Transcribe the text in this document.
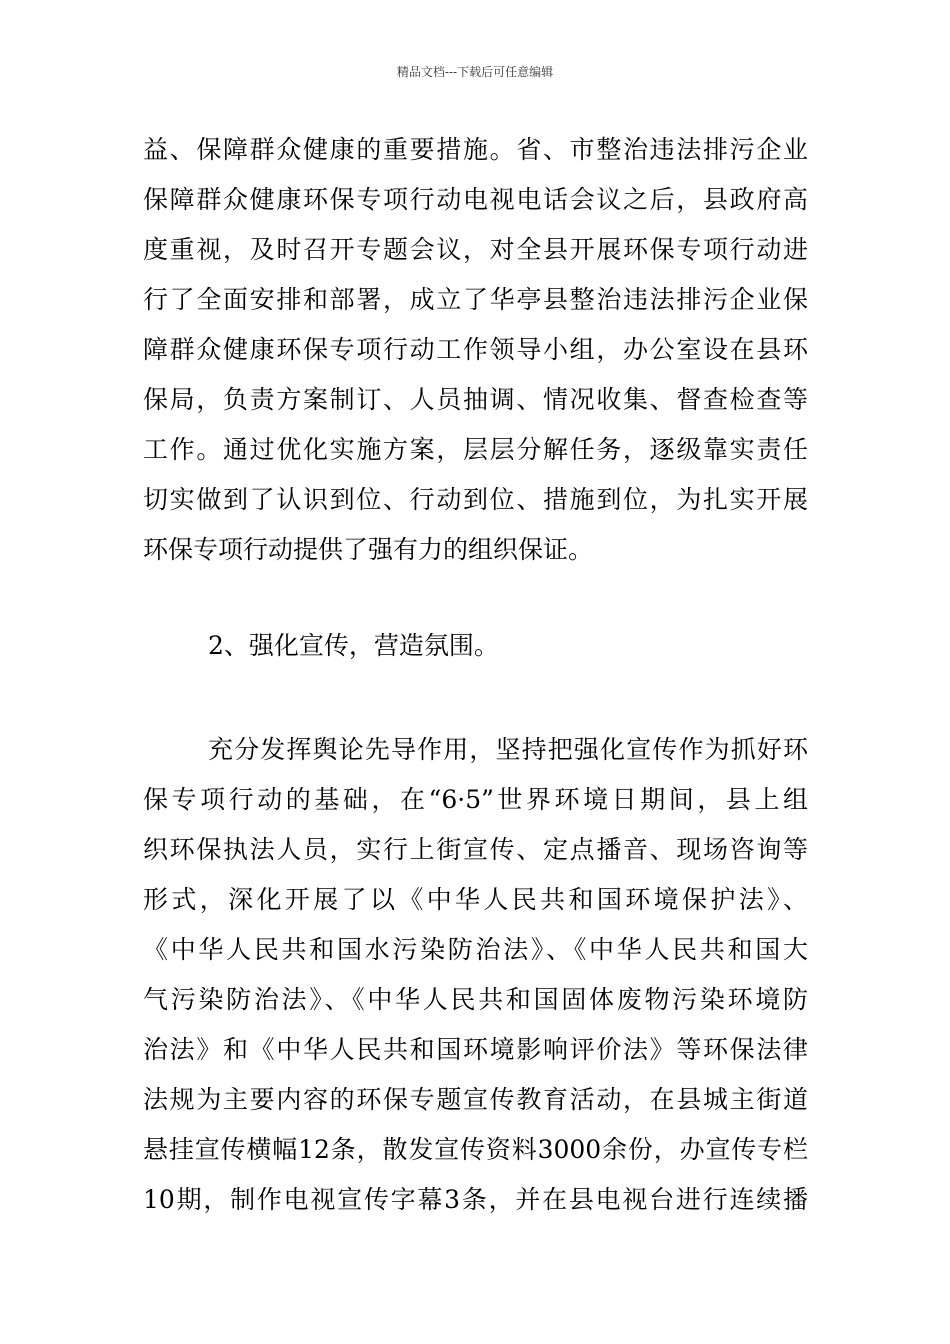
精品文档---下载后可任意编辑
益、保障群众健康的重要措施。省、市整治违法排污企业
保障群众健康环保专项行动电视电话会议之后，县政府高
度重视，及时召开专题会议，对全县开展环保专项行动进
行了全面安排和部署，成立了华亭县整治违法排污企业保
障群众健康环保专项行动工作领导小组，办公室设在县环
保局，负责方案制订、人员抽调、情况收集、督查检查等
工作。通过优化实施方案，层层分解任务，逐级靠实责任
切实做到了认识到位、行动到位、措施到位，为扎实开展
环保专项行动提供了强有力的组织保证。
2、强化宣传，营造氛围。
充分发挥舆论先导作用，坚持把强化宣传作为抓好环
保专项行动的基础，在“6·5”世界环境日期间，县上组
织环保执法人员，实行上街宣传、定点播音、现场咨询等
形式，深化开展了以《中华人民共和国环境保护法》、
《中华人民共和国水污染防治法》、《中华人民共和国大
气污染防治法》、《中华人民共和国固体废物污染环境防
治法》和《中华人民共和国环境影响评价法》等环保法律
法规为主要内容的环保专题宣传教育活动，在县城主街道
悬挂宣传横幅12条，散发宣传资料3000余份，办宣传专栏
10期，制作电视宣传字幕3条，并在县电视台进行连续播
